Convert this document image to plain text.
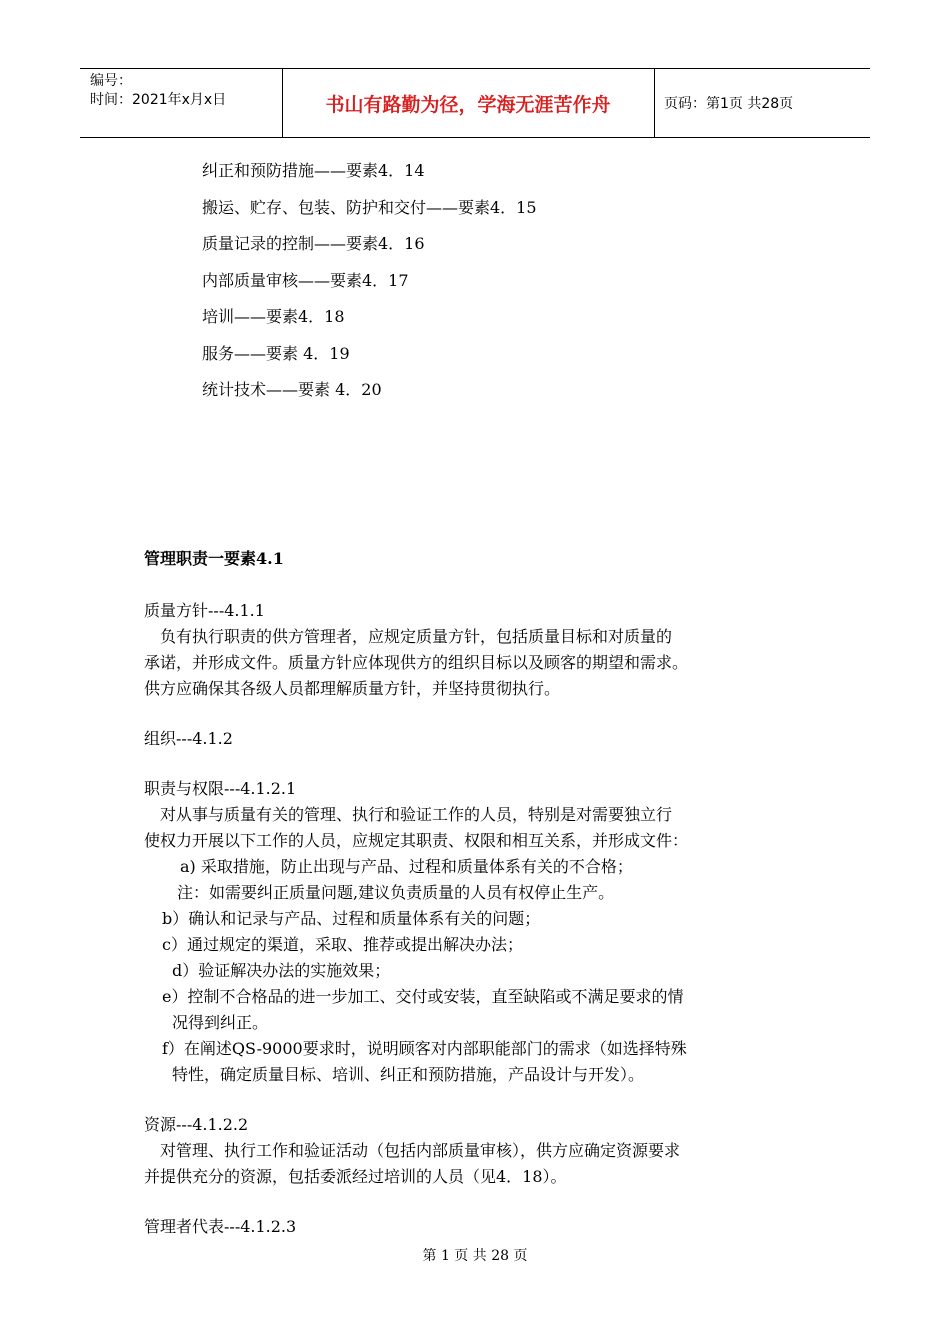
编号：
时间：2021年x月x日	书山有路勤为径，学海无涯苦作舟	页码：第1页 共28页
纠正和预防措施——要素4．14
搬运、贮存、包装、防护和交付——要素4．15
质量记录的控制——要素4．16
内部质量审核——要素4．17
培训——要素4．18
服务——要素 4．19
统计技术——要素 4．20
管理职责一要素4.1
质量方针---4.1.1
负有执行职责的供方管理者，应规定质量方针，包括质量目标和对质量的
承诺，并形成文件。质量方针应体现供方的组织目标以及顾客的期望和需求。
供方应确保其各级人员都理解质量方针，并坚持贯彻执行。
组织---4.1.2
职责与权限---4.1.2.1
对从事与质量有关的管理、执行和验证工作的人员，特别是对需要独立行
使权力开展以下工作的人员，应规定其职责、权限和相互关系，并形成文件：
a) 采取措施，防止出现与产品、过程和质量体系有关的不合格；
注：如需要纠正质量问题,建议负责质量的人员有权停止生产。
b）确认和记录与产品、过程和质量体系有关的问题；
c）通过规定的渠道，采取、推荐或提出解决办法；
d）验证解决办法的实施效果；
e）控制不合格品的进一步加工、交付或安装，直至缺陷或不满足要求的情
况得到纠正。
f）在阐述QS-9000要求时，说明顾客对内部职能部门的需求（如选择特殊
特性，确定质量目标、培训、纠正和预防措施，产品设计与开发）。
资源---4.1.2.2
对管理、执行工作和验证活动（包括内部质量审核），供方应确定资源要求
并提供充分的资源，包括委派经过培训的人员（见4．18）。
管理者代表---4.1.2.3
第 1 页 共 28 页
